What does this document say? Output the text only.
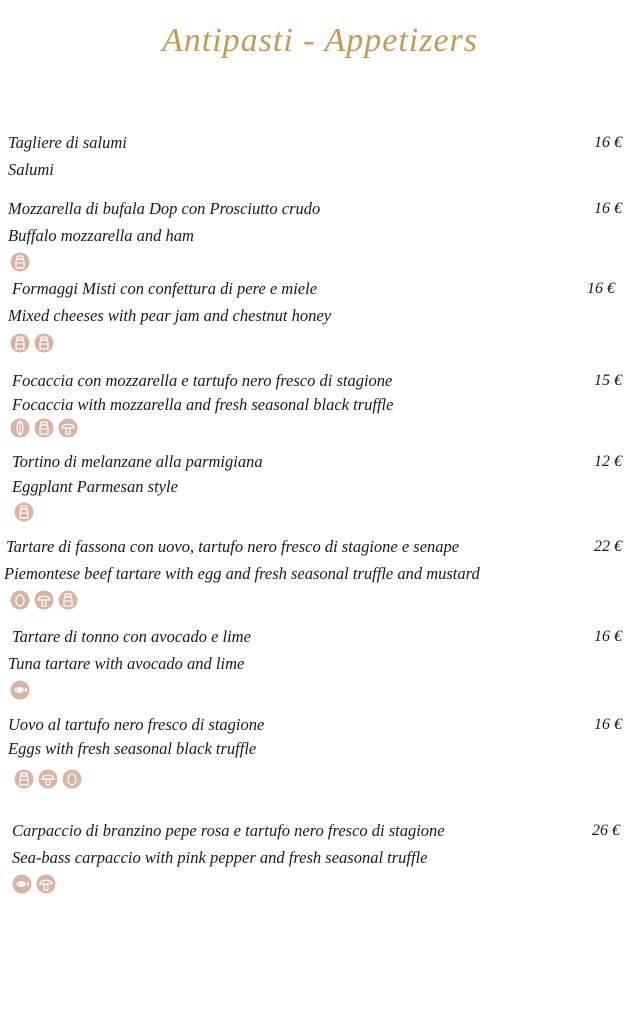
Antipasti - Appetizers
Tagliere di salumi
Salumi
16 €
Mozzarella di bufala Dop con Prosciutto crudo
Buffalo mozzarella and ham
16 €
Formaggi Misti con confettura di pere e miele
Mixed cheeses with pear jam and chestnut honey
16 €
Focaccia con mozzarella e tartufo nero fresco di stagione
Focaccia with mozzarella and fresh seasonal black truffle
15 €
Tortino di melanzane alla parmigiana
Eggplant Parmesan style
12 €
Tartare di fassona con uovo, tartufo nero fresco di stagione e senape
Piemontese beef tartare with egg and fresh seasonal truffle and mustard
22 €
Tartare di tonno con avocado e lime
Tuna tartare with avocado and lime
16 €
Uovo al tartufo nero fresco di stagione
Eggs with fresh seasonal black truffle
16 €
Carpaccio di branzino pepe rosa e tartufo nero fresco di stagione
Sea-bass carpaccio with pink pepper and fresh seasonal truffle
26 €
